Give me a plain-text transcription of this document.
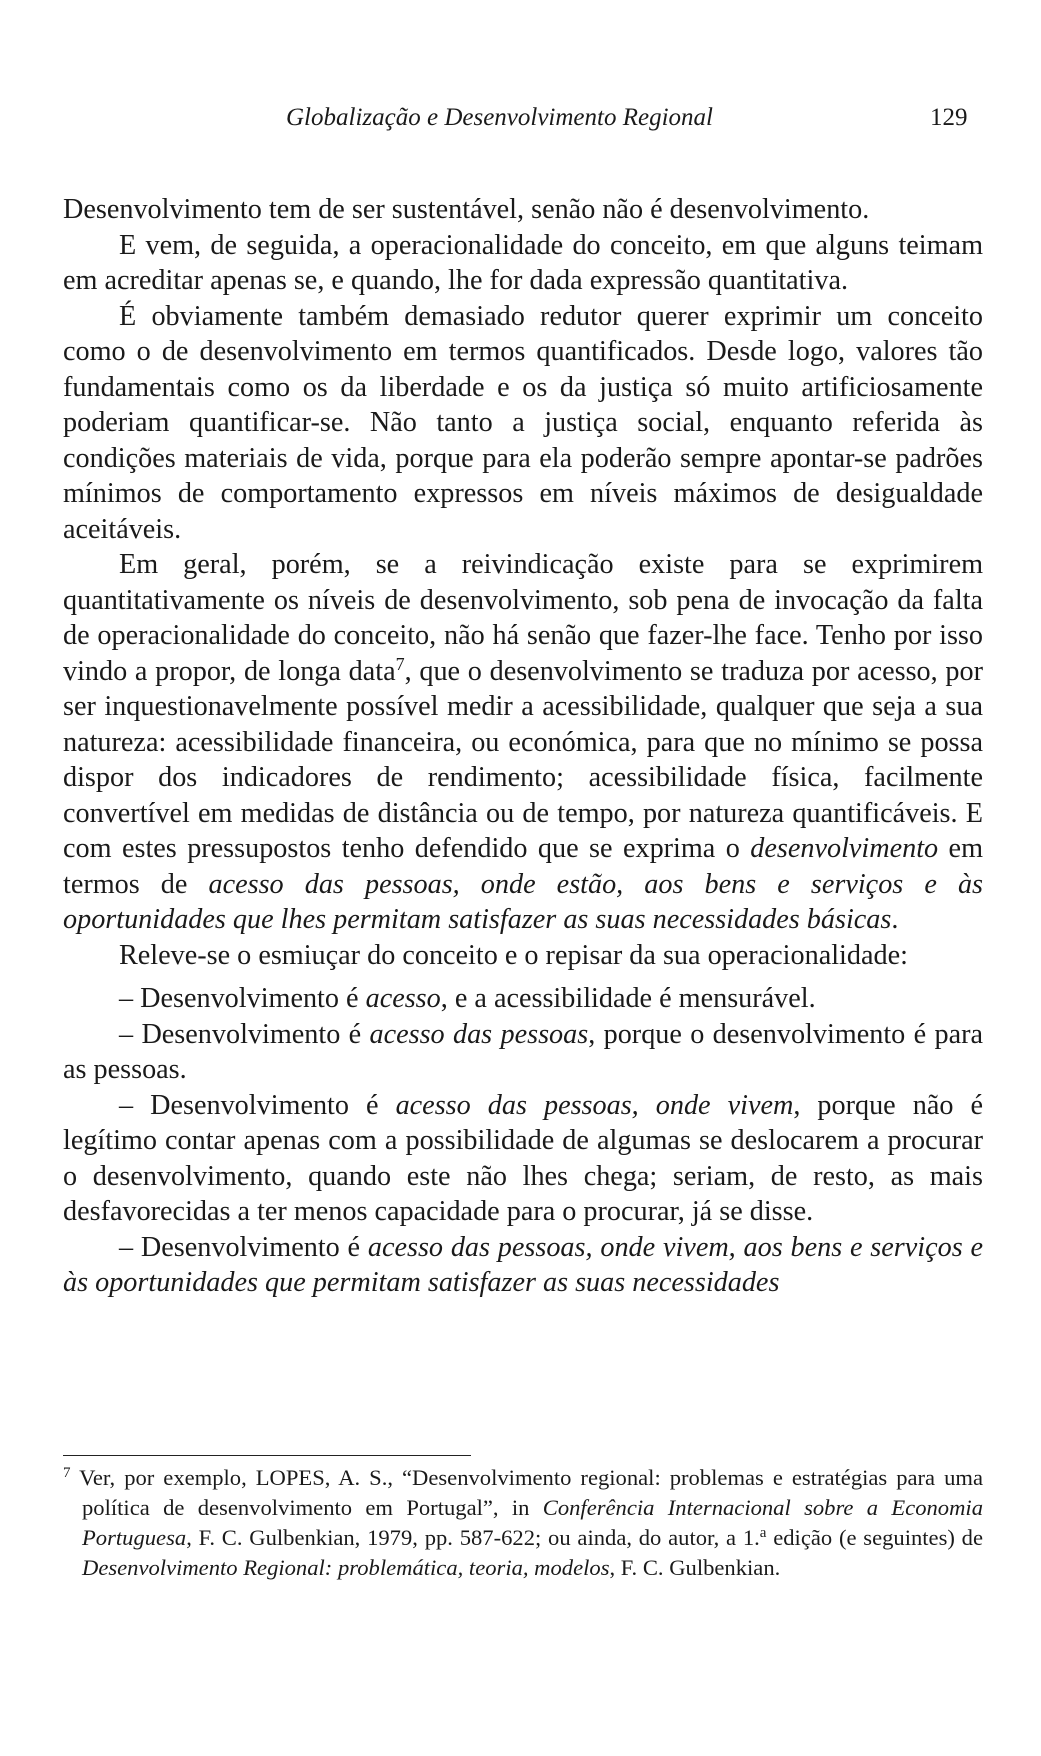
Globalização e Desenvolvimento Regional	129

Desenvolvimento tem de ser sustentável, senão não é desenvolvimento.

E vem, de seguida, a operacionalidade do conceito, em que alguns teimam em acreditar apenas se, e quando, lhe for dada expressão quantitativa.

É obviamente também demasiado redutor querer exprimir um conceito como o de desenvolvimento em termos quantificados. Desde logo, valores tão fundamentais como os da liberdade e os da justiça só muito artificiosamente poderiam quantificar-se. Não tanto a justiça social, enquanto referida às condições materiais de vida, porque para ela poderão sempre apontar-se padrões mínimos de comportamento expressos em níveis máximos de desigualdade aceitáveis.

Em geral, porém, se a reivindicação existe para se exprimirem quantitativamente os níveis de desenvolvimento, sob pena de invocação da falta de operacionalidade do conceito, não há senão que fazer-lhe face. Tenho por isso vindo a propor, de longa data$^7$, que o desenvolvimento se traduza por acesso, por ser inquestionavelmente possível medir a acessibilidade, qualquer que seja a sua natureza: acessibilidade financeira, ou económica, para que no mínimo se possa dispor dos indicadores de rendimento; acessibilidade física, facilmente convertível em medidas de distância ou de tempo, por natureza quantificáveis. E com estes pressupostos tenho defendido que se exprima o desenvolvimento em termos de acesso das pessoas, onde estão, aos bens e serviços e às oportunidades que lhes permitam satisfazer as suas necessidades básicas.

Releve-se o esmiuçar do conceito e o repisar da sua operacionalidade:

– Desenvolvimento é acesso, e a acessibilidade é mensurável.

– Desenvolvimento é acesso das pessoas, porque o desenvolvimento é para as pessoas.

– Desenvolvimento é acesso das pessoas, onde vivem, porque não é legítimo contar apenas com a possibilidade de algumas se deslocarem a procurar o desenvolvimento, quando este não lhes chega; seriam, de resto, as mais desfavorecidas a ter menos capacidade para o procurar, já se disse.

– Desenvolvimento é acesso das pessoas, onde vivem, aos bens e serviços e às oportunidades que permitam satisfazer as suas necessidades

$^7$ Ver, por exemplo, LOPES, A. S., “Desenvolvimento regional: problemas e estratégias para uma política de desenvolvimento em Portugal”, in Conferência Internacional sobre a Economia Portuguesa, F. C. Gulbenkian, 1979, pp. 587-622; ou ainda, do autor, a 1.$^a$ edição (e seguintes) de Desenvolvimento Regional: problemática, teoria, modelos, F. C. Gulbenkian.
